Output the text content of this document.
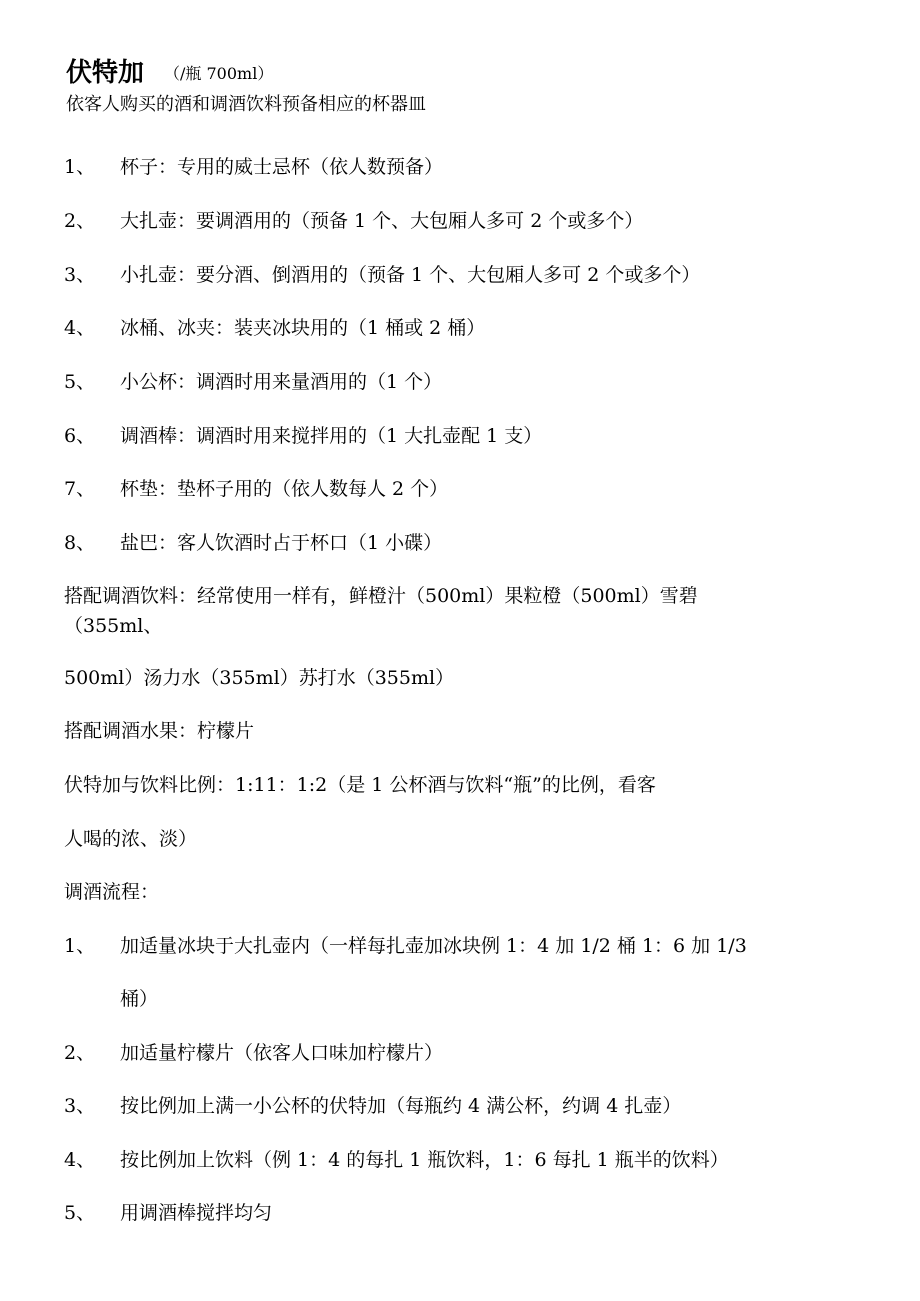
伏特加 （/瓶 700ml）
依客人购买的酒和调酒饮料预备相应的杯器皿
1、 杯子：专用的威士忌杯（依人数预备）
2、 大扎壶：要调酒用的（预备 1 个、大包厢人多可 2 个或多个）
3、 小扎壶：要分酒、倒酒用的（预备 1 个、大包厢人多可 2 个或多个）
4、 冰桶、冰夹：装夹冰块用的（1 桶或 2 桶）
5、 小公杯：调酒时用来量酒用的（1 个）
6、 调酒棒：调酒时用来搅拌用的（1 大扎壶配 1 支）
7、 杯垫：垫杯子用的（依人数每人 2 个）
8、 盐巴：客人饮酒时占于杯口（1 小碟）
搭配调酒饮料：经常使用一样有，鲜橙汁（500ml）果粒橙（500ml）雪碧
（355ml、
500ml）汤力水（355ml）苏打水（355ml）
搭配调酒水果：柠檬片
伏特加与饮料比例：1:11：1:2（是 1 公杯酒与饮料“瓶”的比例，看客
人喝的浓、淡）
调酒流程：
1、 加适量冰块于大扎壶内（一样每扎壶加冰块例 1：4 加 1/2 桶 1：6 加 1/3
桶）
2、 加适量柠檬片（依客人口味加柠檬片）
3、 按比例加上满一小公杯的伏特加（每瓶约 4 满公杯，约调 4 扎壶）
4、 按比例加上饮料（例 1：4 的每扎 1 瓶饮料，1：6 每扎 1 瓶半的饮料）
5、 用调酒棒搅拌均匀
